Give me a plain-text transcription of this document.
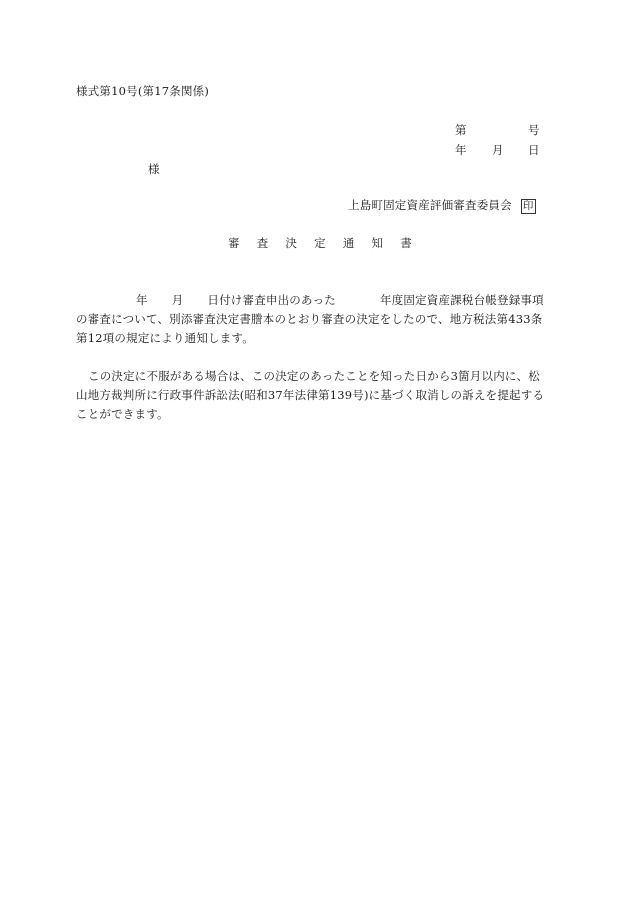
様式第10号(第17条関係)
第	号
年 月 日
様
上島町固定資産評価審査委員会 印
審 査 決 定 通 知 書
年 月 日付け審査申出のあった	年度固定資産課税台帳登録事項
の審査について、別添審査決定書謄本のとおり審査の決定をしたので、地方税法第433条
第12項の規定により通知します。
この決定に不服がある場合は、この決定のあったことを知った日から3箇月以内に、松
山地方裁判所に行政事件訴訟法(昭和37年法律第139号)に基づく取消しの訴えを提起する
ことができます。
